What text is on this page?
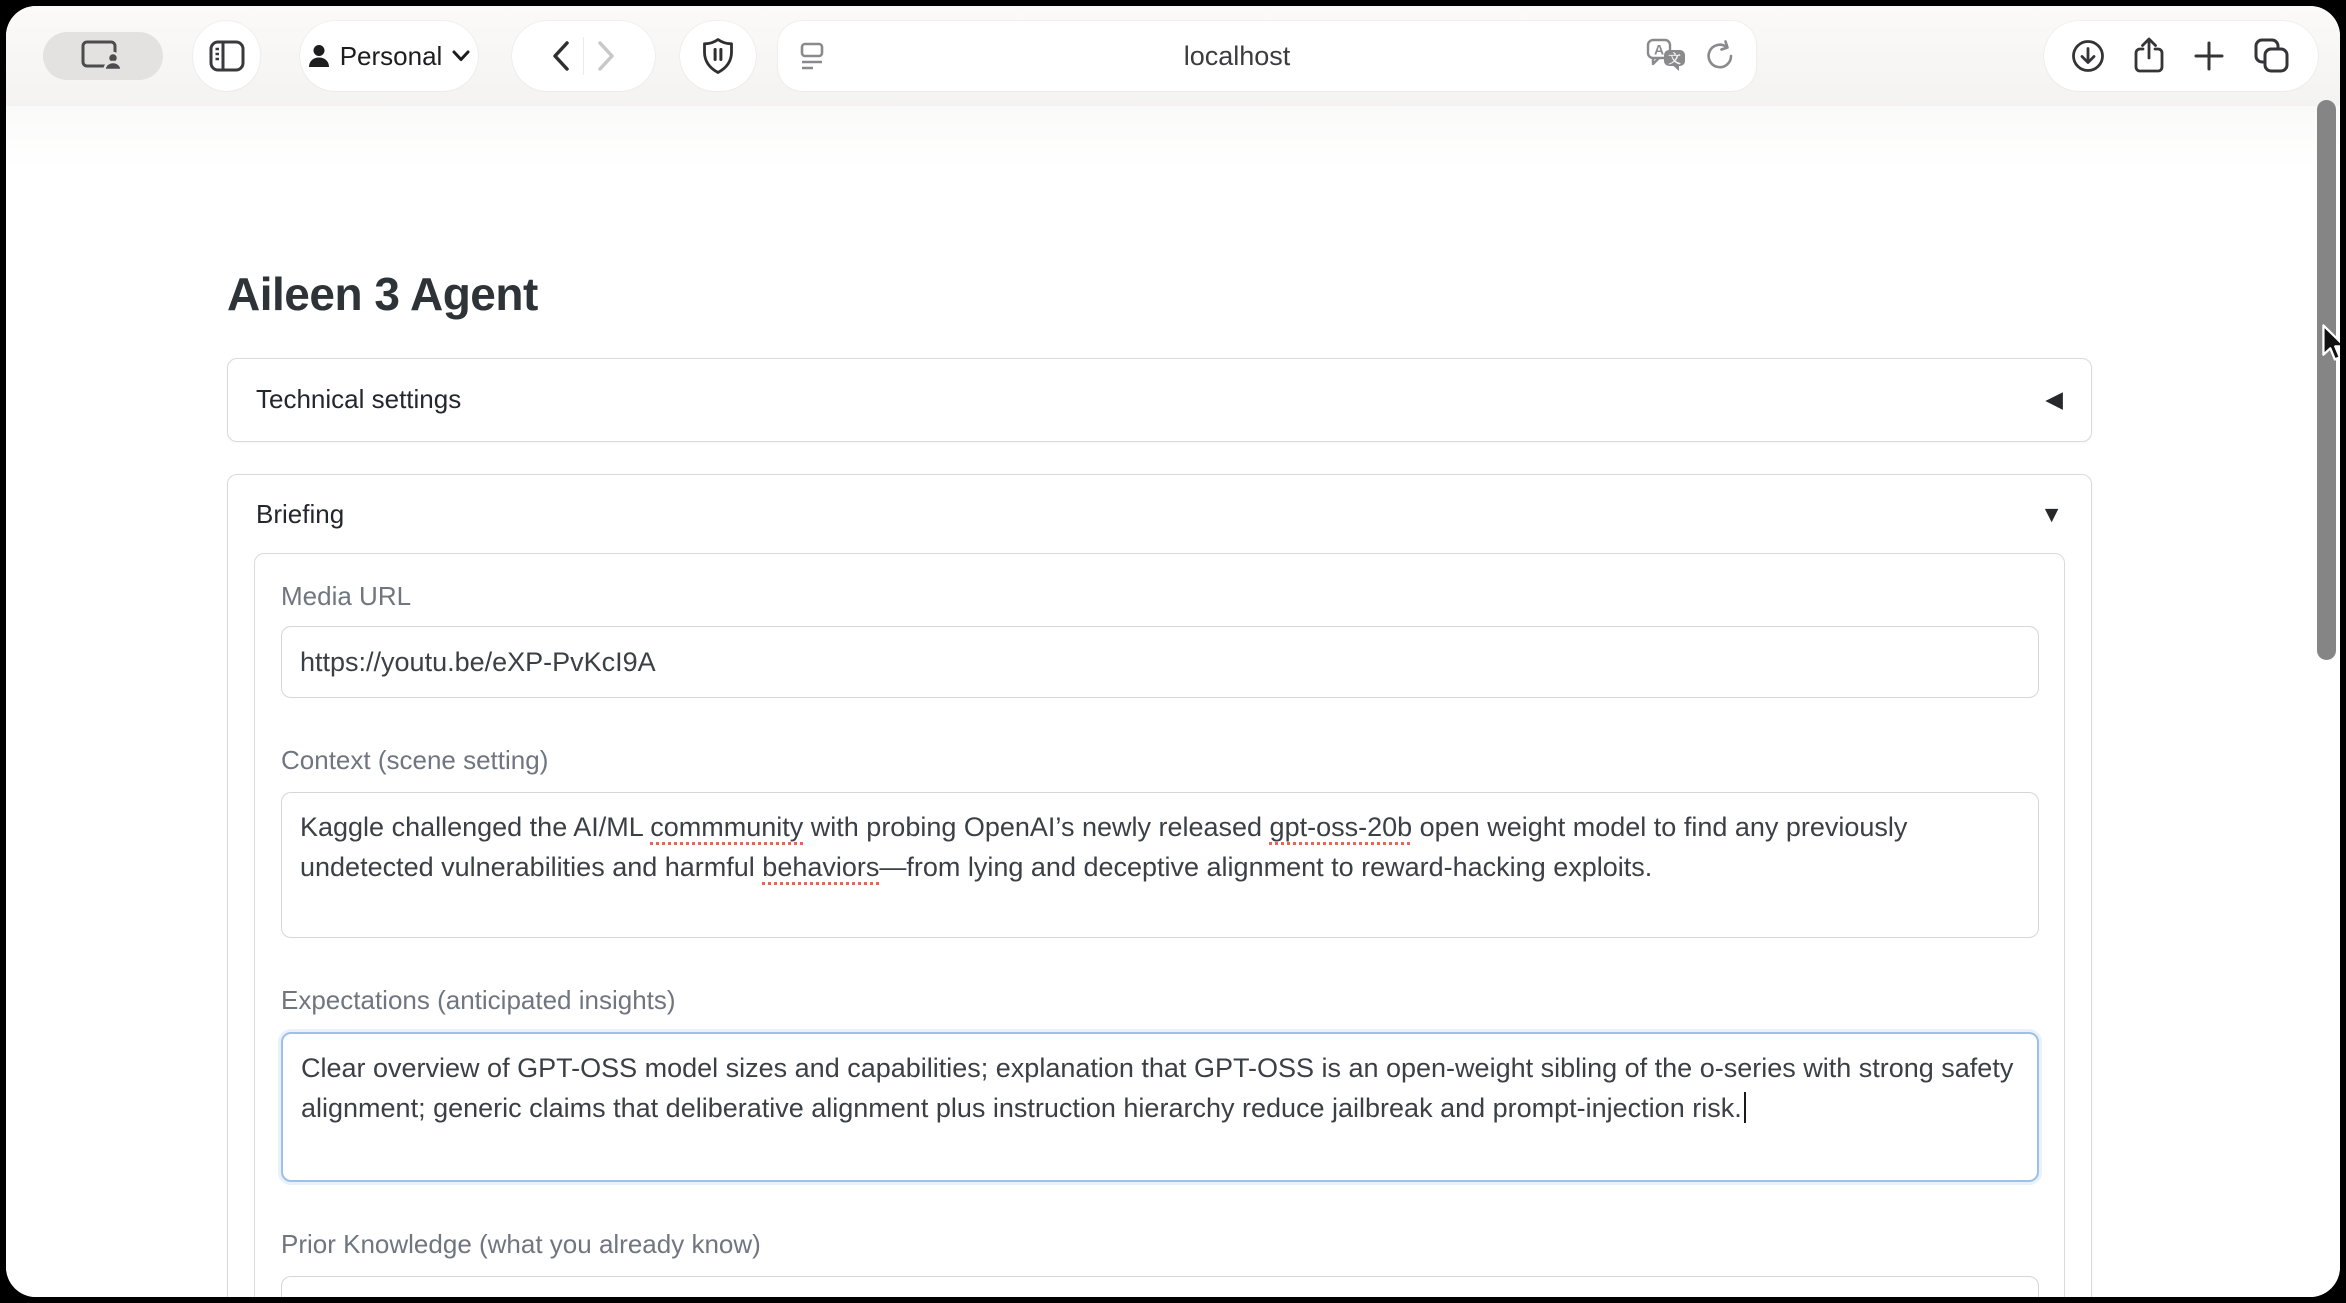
Personal	localhost	A
文
Aileen 3 Agent
Technical settings	◀
Briefing	▼
Media URL
https://youtu.be/eXP-PvKcI9A
Context (scene setting)
Kaggle challenged the AI/ML commmunity with probing OpenAI’s newly released gpt-oss-20b open weight model to find any previously undetected vulnerabilities and harmful behaviors—from lying and deceptive alignment to reward-hacking exploits.
Expectations (anticipated insights)
Clear overview of GPT-OSS model sizes and capabilities; explanation that GPT-OSS is an open-weight sibling of the o-series with strong safety alignment; generic claims that deliberative alignment plus instruction hierarchy reduce jailbreak and prompt-injection risk.
Prior Knowledge (what you already know)
Acronyms, previous meetings, background you mentioned
